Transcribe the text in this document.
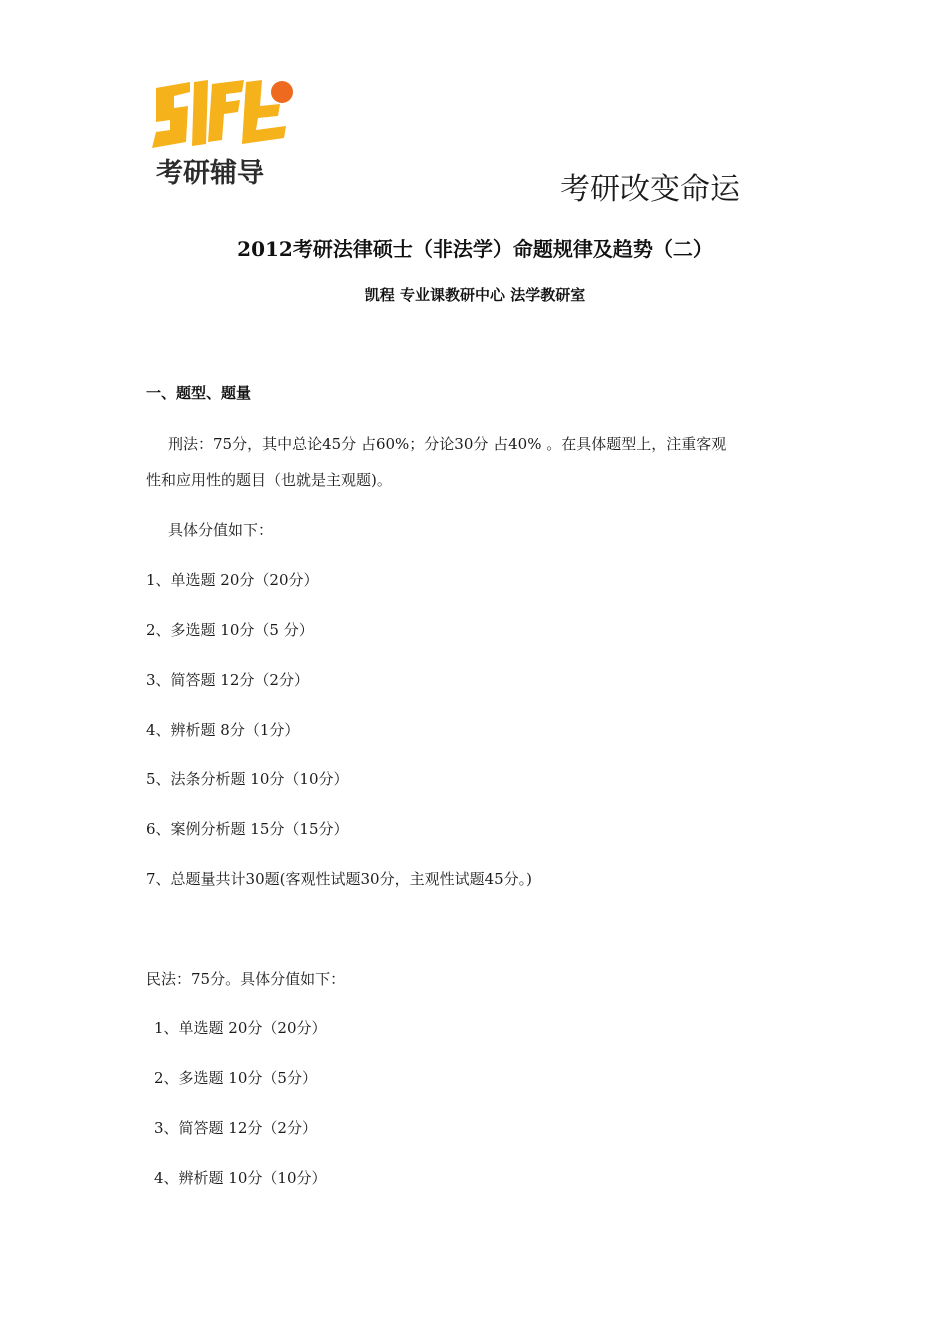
考研辅导	考研改变命运
2012考研法律硕士（非法学）命题规律及趋势（二）
凯程 专业课教研中心 法学教研室
一、题型、题量
刑法：75分，其中总论45分 占60%；分论30分 占40% 。在具体题型上，注重客观
性和应用性的题目（也就是主观题)。
具体分值如下：
1、单选题 20分（20分）
2、多选题 10分（5 分）
3、简答题 12分（2分）
4、辨析题 8分（1分）
5、法条分析题 10分（10分）
6、案例分析题 15分（15分）
7、总题量共计30题(客观性试题30分，主观性试题45分。)
民法：75分。具体分值如下：
1、单选题 20分（20分）
2、多选题 10分（5分）
3、简答题 12分（2分）
4、辨析题 10分（10分）
